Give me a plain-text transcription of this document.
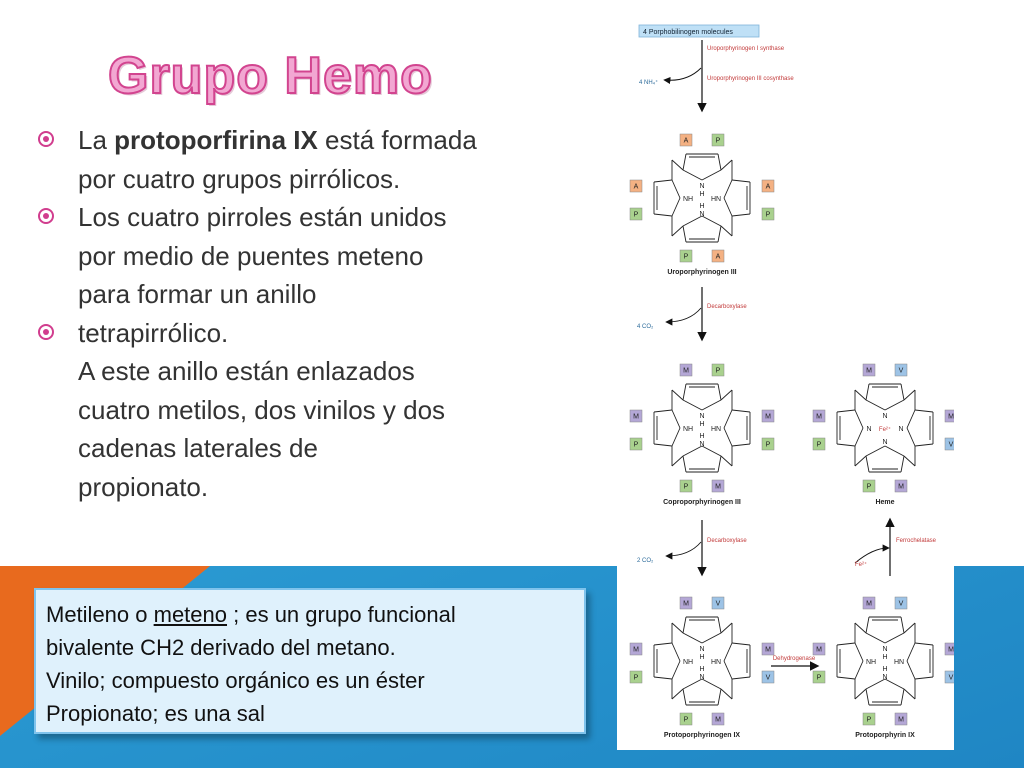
Grupo Hemo

La protoporfirina IX está formada

por cuatro grupos pirrólicos.

Los cuatro pirroles están unidos

por medio de puentes meteno

para formar un anillo

tetrapirrólico.

A este anillo están enlazados

cuatro metilos, dos vinilos y dos

cadenas laterales de

propionato.

Metileno o meteno ; es un grupo funcional

bivalente CH2 derivado del metano.

Vinilo; compuesto orgánico es un éster

Propionato; es una sal

4 Porphobilinogen molecules
Uroporphyrinogen I synthase
Uroporphyrinogen III cosynthase
4 NH₄⁺
Decarboxylase
4 CO₂
Decarboxylase
2 CO₂
Dehydrogenase
Ferrochelatase
Fe²⁺
N
H
NH	HN
H
N
A	P
A
P
A
P
P	A
Uroporphyrinogen III
N
H
NH	HN
H
N
M	P
M
P
M
P
P	M
Coproporphyrinogen III
N
H
NH	HN
H
N
M	V
M
P
M
V
P	M
Protoporphyrinogen IX
N
H
NH	HN
H
N
M	V
M
P
M
V
P	M
Protoporphyrin IX
N
N
N	N
Fe²⁺
M	V
M
P
M
V
P	M
Heme
